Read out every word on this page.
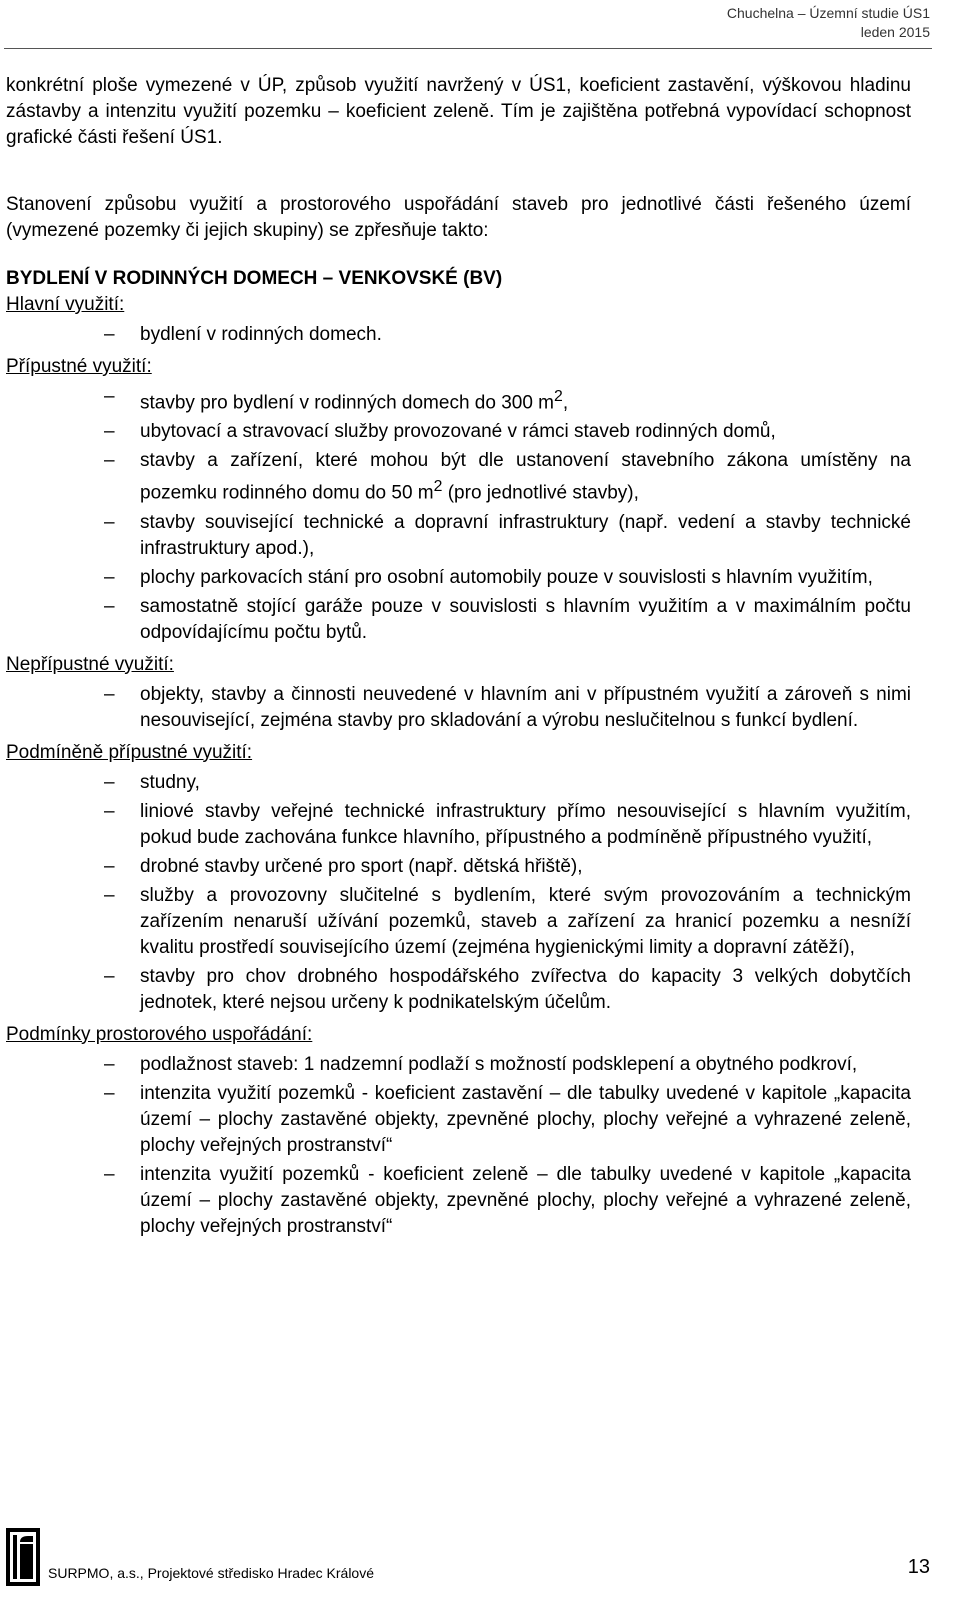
Chuchelna – Územní studie ÚS1
leden 2015

konkrétní ploše vymezené v ÚP, způsob využití navržený v ÚS1, koeficient zastavění, výškovou hladinu zástavby a intenzitu využití pozemku – koeficient zeleně. Tím je zajištěna potřebná vypovídací schopnost grafické části řešení ÚS1.

Stanovení způsobu využití a prostorového uspořádání staveb pro jednotlivé části řešeného území (vymezené pozemky či jejich skupiny) se zpřesňuje takto:

BYDLENÍ V RODINNÝCH DOMECH – VENKOVSKÉ (BV)

Hlavní využití:

– bydlení v rodinných domech.

Přípustné využití:

– stavby pro bydlení v rodinných domech do 300 $m^2$,
– ubytovací a stravovací služby provozované v rámci staveb rodinných domů,
– stavby a zařízení, které mohou být dle ustanovení stavebního zákona umístěny na pozemku rodinného domu do 50 $m^2$ (pro jednotlivé stavby),
– stavby související technické a dopravní infrastruktury (např. vedení a stavby technické infrastruktury apod.),
– plochy parkovacích stání pro osobní automobily pouze v souvislosti s hlavním využitím,
– samostatně stojící garáže pouze v souvislosti s hlavním využitím a v maximálním počtu odpovídajícímu počtu bytů.

Nepřípustné využití:

– objekty, stavby a činnosti neuvedené v hlavním ani v přípustném využití a zároveň s nimi nesouvisející, zejména stavby pro skladování a výrobu neslučitelnou s funkcí bydlení.

Podmíněně přípustné využití:

– studny,
– liniové stavby veřejné technické infrastruktury přímo nesouvisející s hlavním využitím, pokud bude zachována funkce hlavního, přípustného a podmíněně přípustného využití,
– drobné stavby určené pro sport (např. dětská hřiště),
– služby a provozovny slučitelné s bydlením, které svým provozováním a technickým zařízením nenaruší užívání pozemků, staveb a zařízení za hranicí pozemku a nesníží kvalitu prostředí souvisejícího území (zejména hygienickými limity a dopravní zátěží),
– stavby pro chov drobného hospodářského zvířectva do kapacity 3 velkých dobytčích jednotek, které nejsou určeny k podnikatelským účelům.

Podmínky prostorového uspořádání:

– podlažnost staveb: 1 nadzemní podlaží s možností podsklepení a obytného podkroví,
– intenzita využití pozemků - koeficient zastavění – dle tabulky uvedené v kapitole „kapacita území – plochy zastavěné objekty, zpevněné plochy, plochy veřejné a vyhrazené zeleně, plochy veřejných prostranství“
– intenzita využití pozemků - koeficient zeleně – dle tabulky uvedené v kapitole „kapacita území – plochy zastavěné objekty, zpevněné plochy, plochy veřejné a vyhrazené zeleně, plochy veřejných prostranství“
SURPMO, a.s., Projektové středisko Hradec Králové	13
